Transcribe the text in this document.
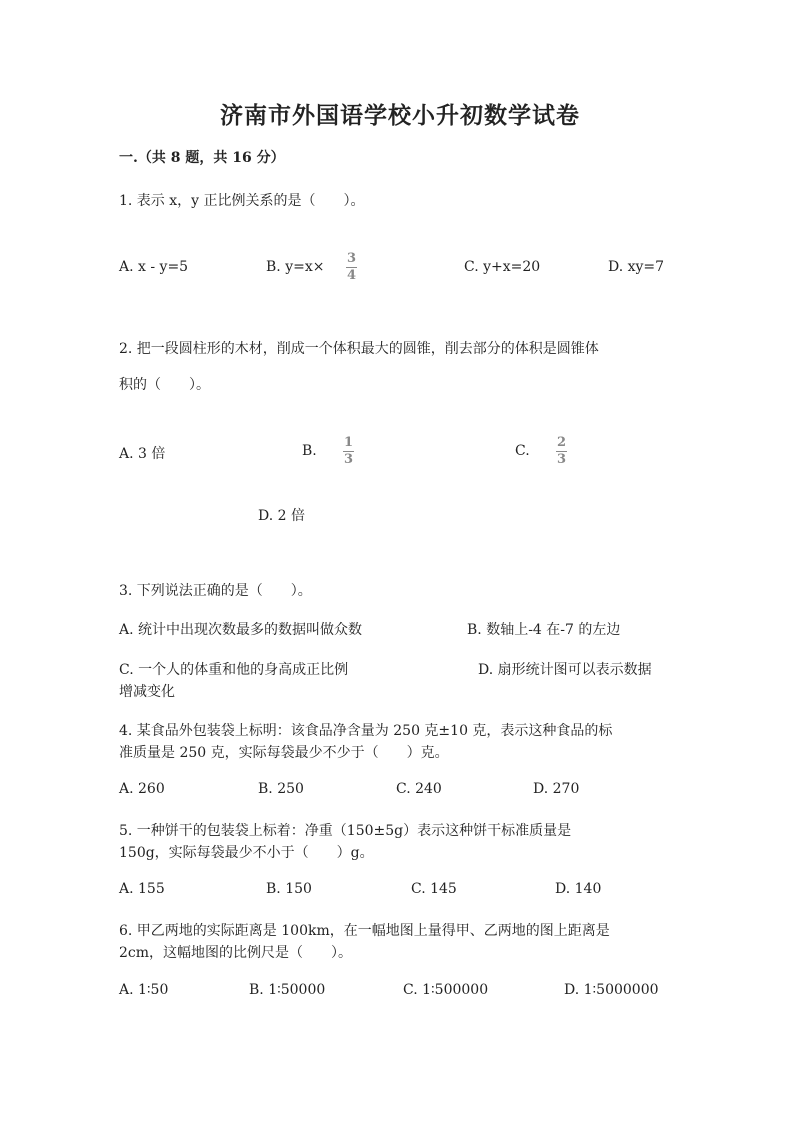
济南市外国语学校小升初数学试卷
一.（共 8 题，共 16 分）
1. 表示 x，y 正比例关系的是（　　）。
A. x - y=5	B. y=x×
3
4
C. y+x=20	D. xy=7
2. 把一段圆柱形的木材，削成一个体积最大的圆锥，削去部分的体积是圆锥体
积的（　　）。
A. 3 倍	B.
1
3
C.
2
3
D. 2 倍
3. 下列说法正确的是（　　）。
A. 统计中出现次数最多的数据叫做众数	B. 数轴上-4 在-7 的左边
C. 一个人的体重和他的身高成正比例	D. 扇形统计图可以表示数据
增减变化
4. 某食品外包装袋上标明：该食品净含量为 250 克±10 克，表示这种食品的标
准质量是 250 克，实际每袋最少不少于（　　）克。
A. 260	B. 250	C. 240	D. 270
5. 一种饼干的包装袋上标着：净重（150±5g）表示这种饼干标准质量是
150g，实际每袋最少不小于（　　）g。
A. 155	B. 150	C. 145	D. 140
6. 甲乙两地的实际距离是 100km，在一幅地图上量得甲、乙两地的图上距离是
2cm，这幅地图的比例尺是（　　）。
A. 1∶50	B. 1∶50000	C. 1∶500000	D. 1∶5000000
